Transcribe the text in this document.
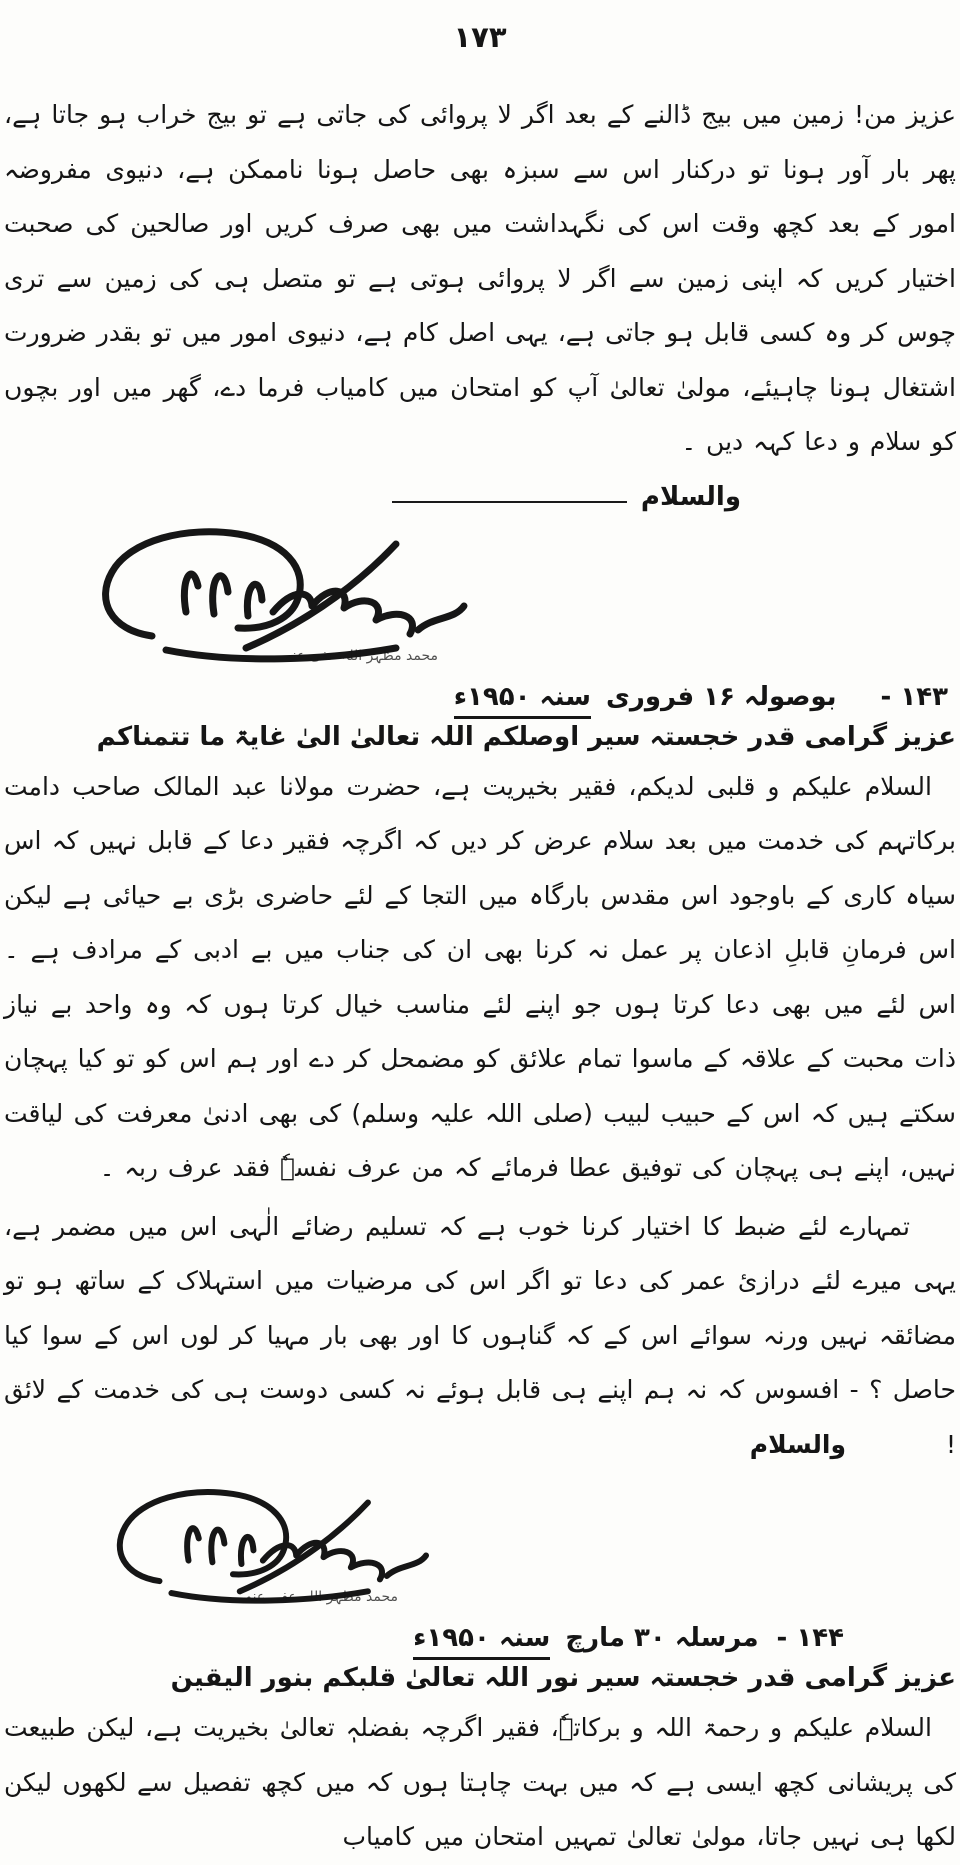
۱۷۳
عزیز من! زمین میں بیج ڈالنے کے بعد اگر لا پروائی کی جاتی ہے تو بیج خراب ہو جاتا ہے، پھر بار آور ہونا تو درکنار اس سے سبزہ بھی حاصل ہونا ناممکن ہے، دنیوی مفروضہ امور کے بعد کچھ وقت اس کی نگہداشت میں بھی صرف کریں اور صالحین کی صحبت اختیار کریں کہ اپنی زمین سے اگر لا پروائی ہوتی ہے تو متصل ہی کی زمین سے تری چوس کر وہ کسی قابل ہو جاتی ہے، یہی اصل کام ہے، دنیوی امور میں تو بقدر ضرورت اشتغال ہونا چاہیئے، مولیٰ تعالیٰ آپ کو امتحان میں کامیاب فرما دے، گھر میں اور بچوں کو سلام و دعا کہہ دیں ۔
والسلام
محمد مظہر اللہ عفی عنہ
۱۴۳ -
بوصولہ ۱۶ فروری سنہ ۱۹۵۰ء
عزیز گرامی قدر خجستہ سیر اوصلکم اللہ تعالیٰ الیٰ غایۃ ما تتمناکم
السلام علیکم و قلبی لدیکم، فقیر بخیریت ہے، حضرت مولانا عبد المالک صاحب دامت برکاتہم کی خدمت میں بعد سلام عرض کر دیں کہ اگرچہ فقیر دعا کے قابل نہیں کہ اس سیاہ کاری کے باوجود اس مقدس بارگاہ میں التجا کے لئے حاضری بڑی بے حیائی ہے لیکن اس فرمانِ قابلِ اذعان پر عمل نہ کرنا بھی ان کی جناب میں بے ادبی کے مرادف ہے ۔ اس لئے میں بھی دعا کرتا ہوں جو اپنے لئے مناسب خیال کرتا ہوں کہ وہ واحد بے نیاز ذات محبت کے علاقہ کے ماسوا تمام علائق کو مضمحل کر دے اور ہم اس کو تو کیا پہچان سکتے ہیں کہ اس کے حبیب لبیب (صلی اللہ علیہ وسلم) کی بھی ادنیٰ معرفت کی لیاقت نہیں، اپنے ہی پہچان کی توفیق عطا فرمائے کہ من عرف نفسہٗ فقد عرف ربہ ۔
تمہارے لئے ضبط کا اختیار کرنا خوب ہے کہ تسلیم رضائے الٰہی اس میں مضمر ہے، یہی میرے لئے درازیٔ عمر کی دعا تو اگر اس کی مرضیات میں استہلاک کے ساتھ ہو تو مضائقہ نہیں ورنہ سوائے اس کے کہ گناہوں کا اور بھی بار مہیا کر لوں اس کے سوا کیا حاصل ؟ - افسوس کہ نہ ہم اپنے ہی قابل ہوئے نہ کسی دوست ہی کی خدمت کے لائق ! والسلام
محمد مظہر اللہ عفی عنہ
۱۴۴ -
مرسلہ ۳۰ مارچ سنہ ۱۹۵۰ء
عزیز گرامی قدر خجستہ سیر نور اللہ تعالیٰ قلبکم بنور الیقین
السلام علیکم و رحمۃ اللہ و برکاتہٗ، فقیر اگرچہ بفضلہٖ تعالیٰ بخیریت ہے، لیکن طبیعت کی پریشانی کچھ ایسی ہے کہ میں بہت چاہتا ہوں کہ میں کچھ تفصیل سے لکھوں لیکن لکھا ہی نہیں جاتا، مولیٰ تعالیٰ تمہیں امتحان میں کامیاب
